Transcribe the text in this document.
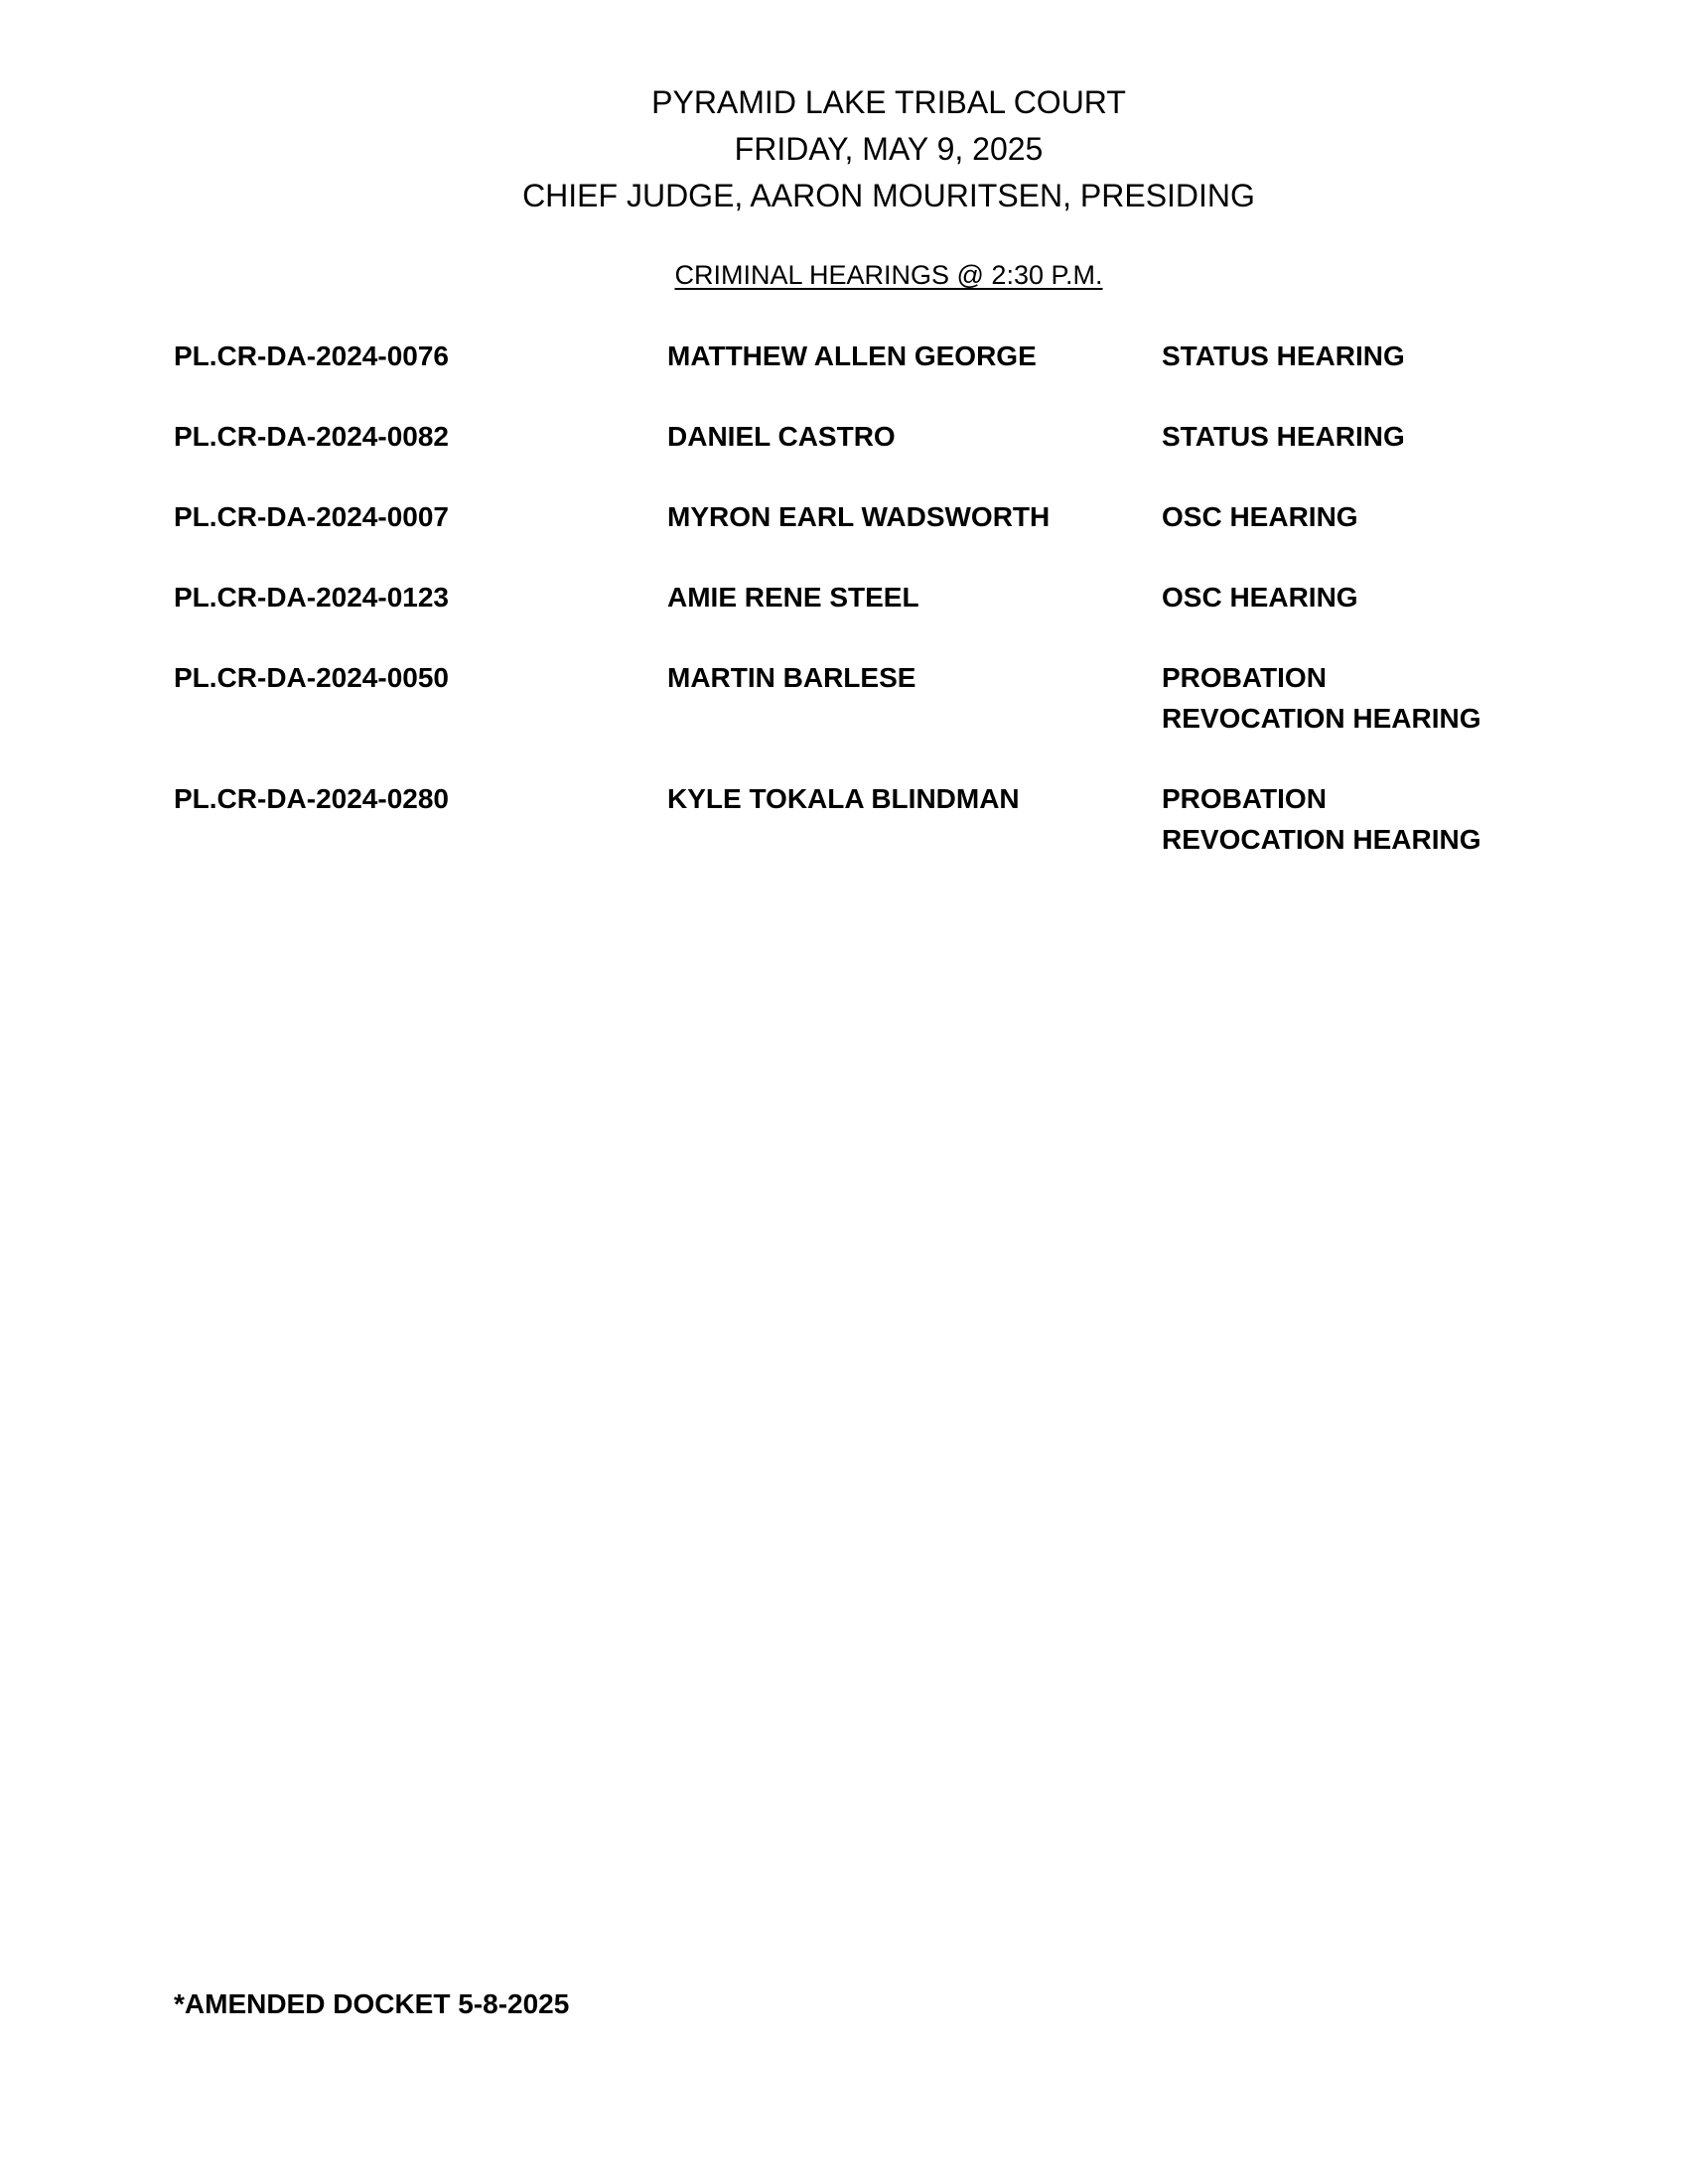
PYRAMID LAKE TRIBAL COURT
FRIDAY, MAY 9, 2025
CHIEF JUDGE, AARON MOURITSEN, PRESIDING
CRIMINAL HEARINGS @ 2:30 P.M.
PL.CR-DA-2024-0076	MATTHEW ALLEN GEORGE	STATUS HEARING
PL.CR-DA-2024-0082	DANIEL CASTRO	STATUS HEARING
PL.CR-DA-2024-0007	MYRON EARL WADSWORTH	OSC HEARING
PL.CR-DA-2024-0123	AMIE RENE STEEL	OSC HEARING
PL.CR-DA-2024-0050	MARTIN BARLESE	PROBATION
REVOCATION HEARING
PL.CR-DA-2024-0280	KYLE TOKALA BLINDMAN	PROBATION
REVOCATION HEARING
*AMENDED DOCKET 5-8-2025
